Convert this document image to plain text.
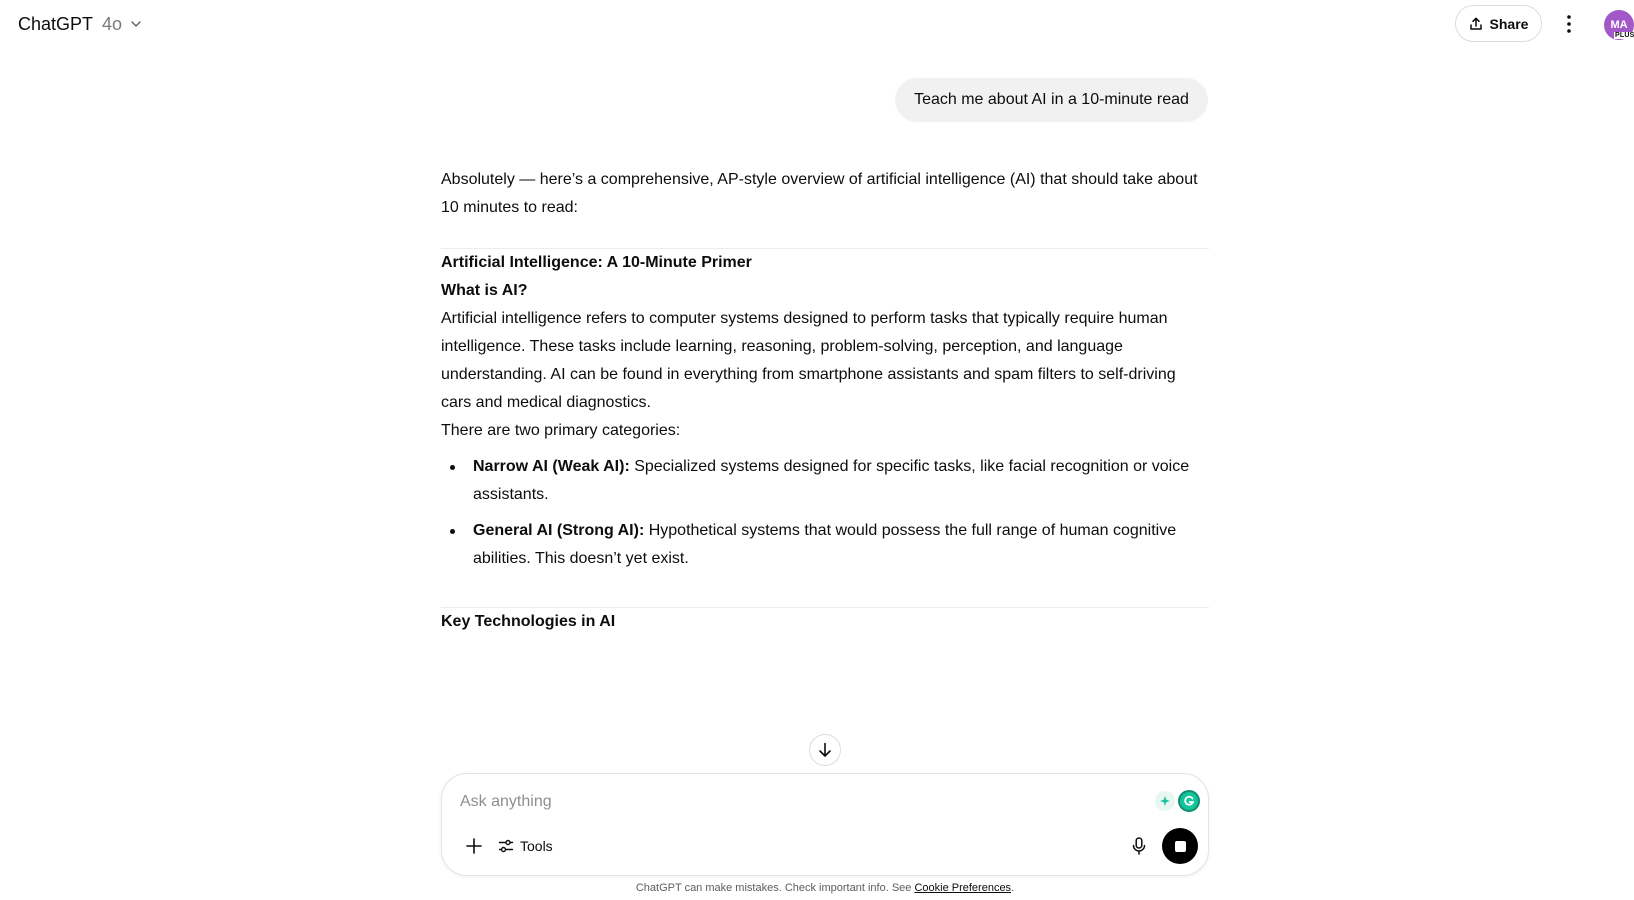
ChatGPT 4o	Share	MA
PLUS
Teach me about AI in a 10-minute read

Absolutely — here’s a comprehensive, AP-style overview of artificial intelligence (AI) that should take about 10 minutes to read:

Artificial Intelligence: A 10-Minute Primer

What is AI?

Artificial intelligence refers to computer systems designed to perform tasks that typically require human intelligence. These tasks include learning, reasoning, problem-solving, perception, and language understanding. AI can be found in everything from smartphone assistants and spam filters to self-driving cars and medical diagnostics.

There are two primary categories:

Narrow AI (Weak AI): Specialized systems designed for specific tasks, like facial recognition or voice assistants.
General AI (Strong AI): Hypothetical systems that would possess the full range of human cognitive abilities. This doesn’t yet exist.

Key Technologies in AI

Ask anything
Tools
ChatGPT can make mistakes. Check important info. See Cookie Preferences.
